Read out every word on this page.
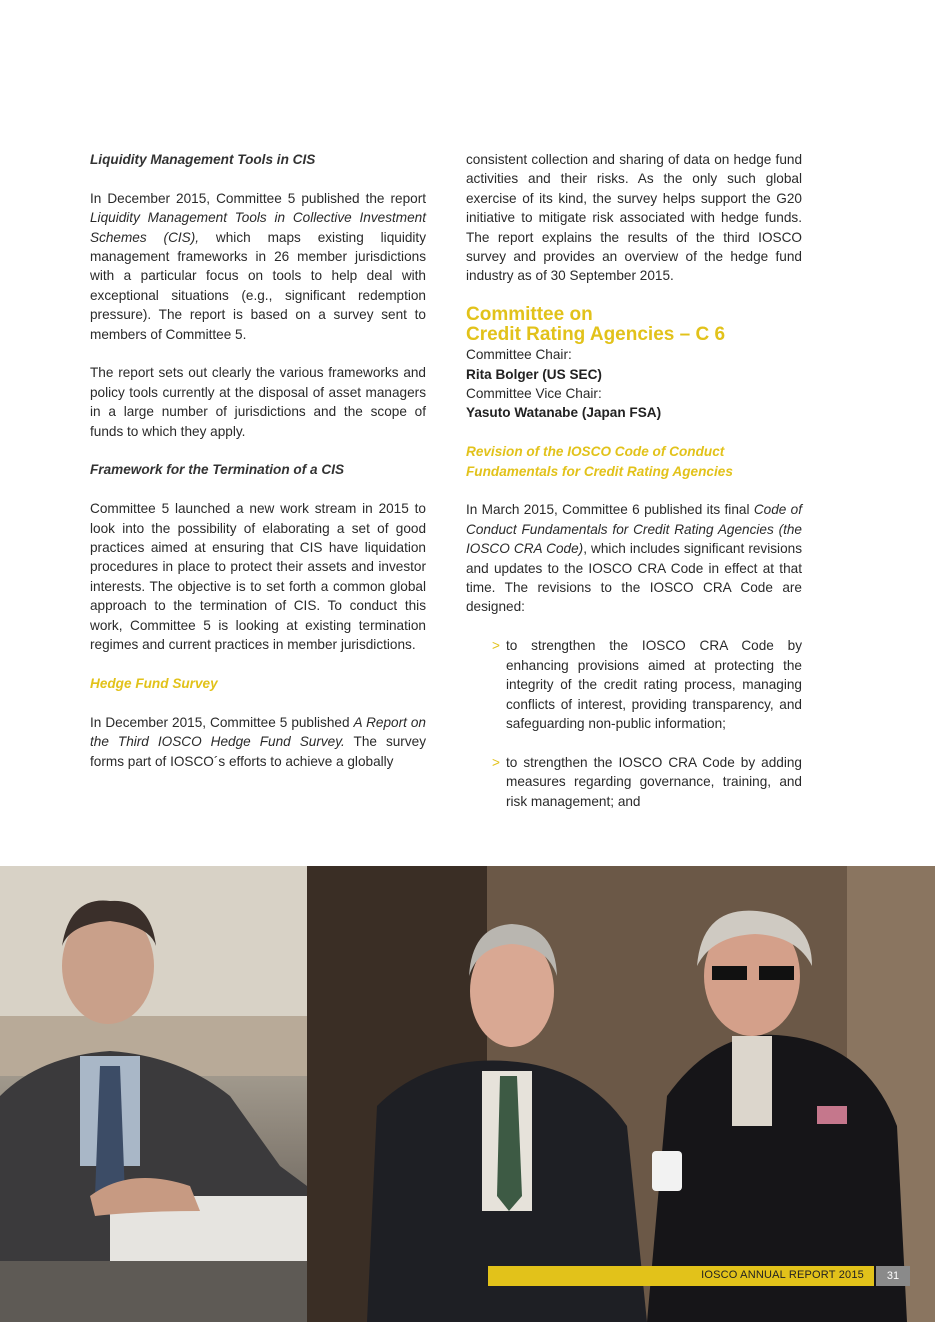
Liquidity Management Tools in CIS

In December 2015, Committee 5 published the report Liquidity Management Tools in Collective Investment Schemes (CIS), which maps existing liquidity management frameworks in 26 member jurisdictions with a particular focus on tools to help deal with exceptional situations (e.g., significant redemption pressure). The report is based on a survey sent to members of Committee 5.

The report sets out clearly the various frameworks and policy tools currently at the disposal of asset managers in a large number of jurisdictions and the scope of funds to which they apply.

Framework for the Termination of a CIS

Committee 5 launched a new work stream in 2015 to look into the possibility of elaborating a set of good practices aimed at ensuring that CIS have liquidation procedures in place to protect their assets and investor interests. The objective is to set forth a common global approach to the termination of CIS. To conduct this work, Committee 5 is looking at existing termination regimes and current practices in member jurisdictions.

Hedge Fund Survey

In December 2015, Committee 5 published A Report on the Third IOSCO Hedge Fund Survey. The survey forms part of IOSCO´s efforts to achieve a globally

consistent collection and sharing of data on hedge fund activities and their risks. As the only such global exercise of its kind, the survey helps support the G20 initiative to mitigate risk associated with hedge funds. The report explains the results of the third IOSCO survey and provides an overview of the hedge fund industry as of 30 September 2015.

Committee on
Credit Rating Agencies – C 6
Committee Chair:
Rita Bolger (US SEC)
Committee Vice Chair:
Yasuto Watanabe (Japan FSA)
Revision of the IOSCO Code of Conduct Fundamentals for Credit Rating Agencies

In March 2015, Committee 6 published its final Code of Conduct Fundamentals for Credit Rating Agencies (the IOSCO CRA Code), which includes significant revisions and updates to the IOSCO CRA Code in effect at that time. The revisions to the IOSCO CRA Code are designed:

> to strengthen the IOSCO CRA Code by enhancing provisions aimed at protecting the integrity of the credit rating process, managing conflicts of interest, providing transparency, and safeguarding non-public information;
> to strengthen the IOSCO CRA Code by adding measures regarding governance, training, and risk management; and
IOSCO ANNUAL REPORT 2015	31
